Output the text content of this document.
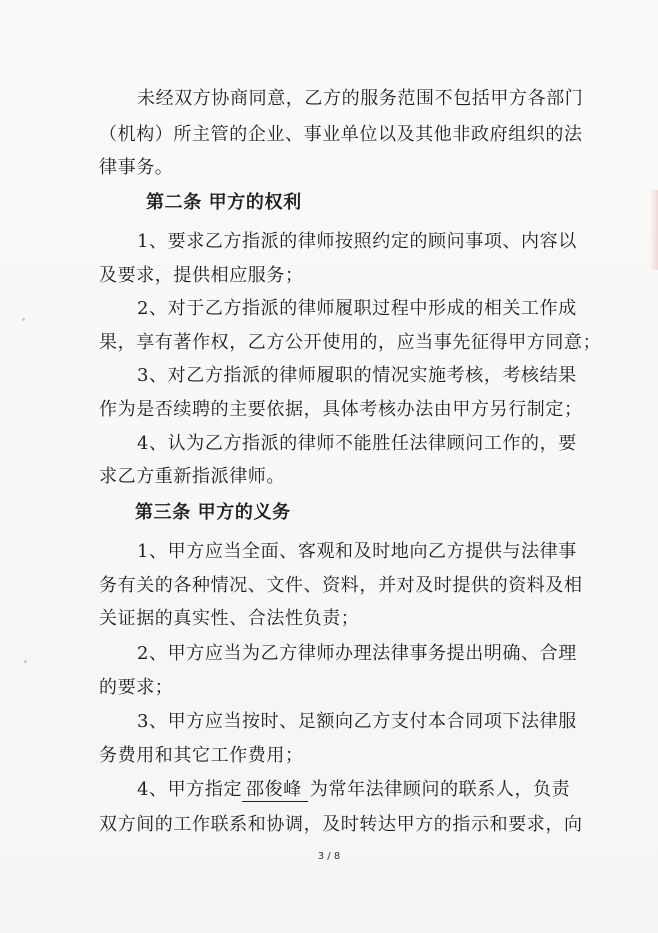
未经双方协商同意，乙方的服务范围不包括甲方各部门
（机构）所主管的企业、事业单位以及其他非政府组织的法
律事务。
第二条 甲方的权利
1、要求乙方指派的律师按照约定的顾问事项、内容以
及要求，提供相应服务；
2、对于乙方指派的律师履职过程中形成的相关工作成
果，享有著作权，乙方公开使用的，应当事先征得甲方同意；
3、对乙方指派的律师履职的情况实施考核，考核结果
作为是否续聘的主要依据，具体考核办法由甲方另行制定；
4、认为乙方指派的律师不能胜任法律顾问工作的，要
求乙方重新指派律师。
第三条 甲方的义务
1、甲方应当全面、客观和及时地向乙方提供与法律事
务有关的各种情况、文件、资料，并对及时提供的资料及相
关证据的真实性、合法性负责；
2、甲方应当为乙方律师办理法律事务提出明确、合理
的要求；
3、甲方应当按时、足额向乙方支付本合同项下法律服
务费用和其它工作费用；
4、甲方指定 邵俊峰 为常年法律顾问的联系人，负责
双方间的工作联系和协调，及时转达甲方的指示和要求，向
3 / 8
